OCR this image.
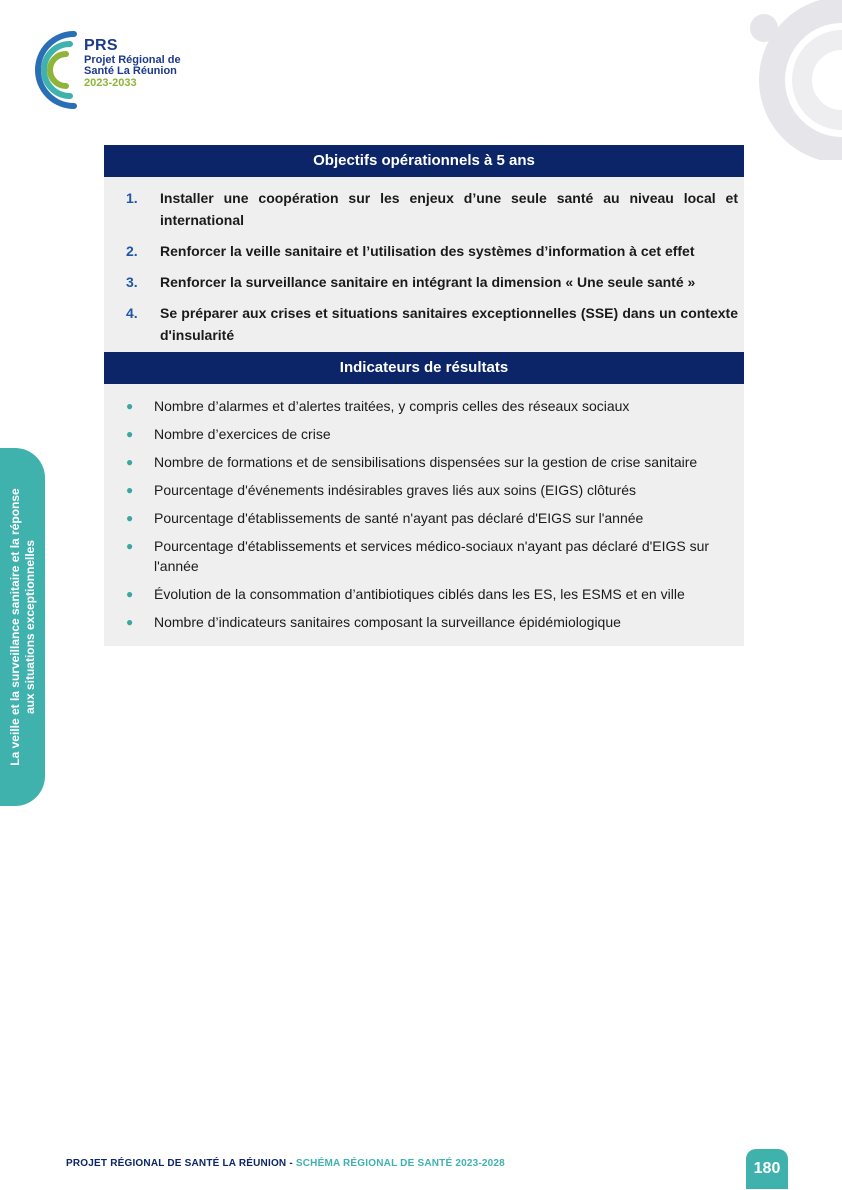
PRS
Projet Régional de
Santé La Réunion
2023-2033
La veille et la surveillance sanitaire et la réponse aux situations exceptionnelles
Objectifs opérationnels à 5 ans
1.	Installer une coopération sur les enjeux d’une seule santé au niveau local et international
2.	Renforcer la veille sanitaire et l’utilisation des systèmes d’information à cet effet
3.	Renforcer la surveillance sanitaire en intégrant la dimension « Une seule santé »
4.	Se préparer aux crises et situations sanitaires exceptionnelles (SSE) dans un contexte d'insularité
Indicateurs de résultats
●	Nombre d’alarmes et d’alertes traitées, y compris celles des réseaux sociaux
●	Nombre d’exercices de crise
●	Nombre de formations et de sensibilisations dispensées sur la gestion de crise sanitaire
●	Pourcentage d'événements indésirables graves liés aux soins (EIGS) clôturés
●	Pourcentage d'établissements de santé n'ayant pas déclaré d'EIGS sur l'année
●	Pourcentage d'établissements et services médico-sociaux n'ayant pas déclaré d'EIGS sur l'année
●	Évolution de la consommation d’antibiotiques ciblés dans les ES, les ESMS et en ville
●	Nombre d’indicateurs sanitaires composant la surveillance épidémiologique
PROJET RÉGIONAL DE SANTÉ LA RÉUNION - SCHÉMA RÉGIONAL DE SANTÉ 2023-2028	180
